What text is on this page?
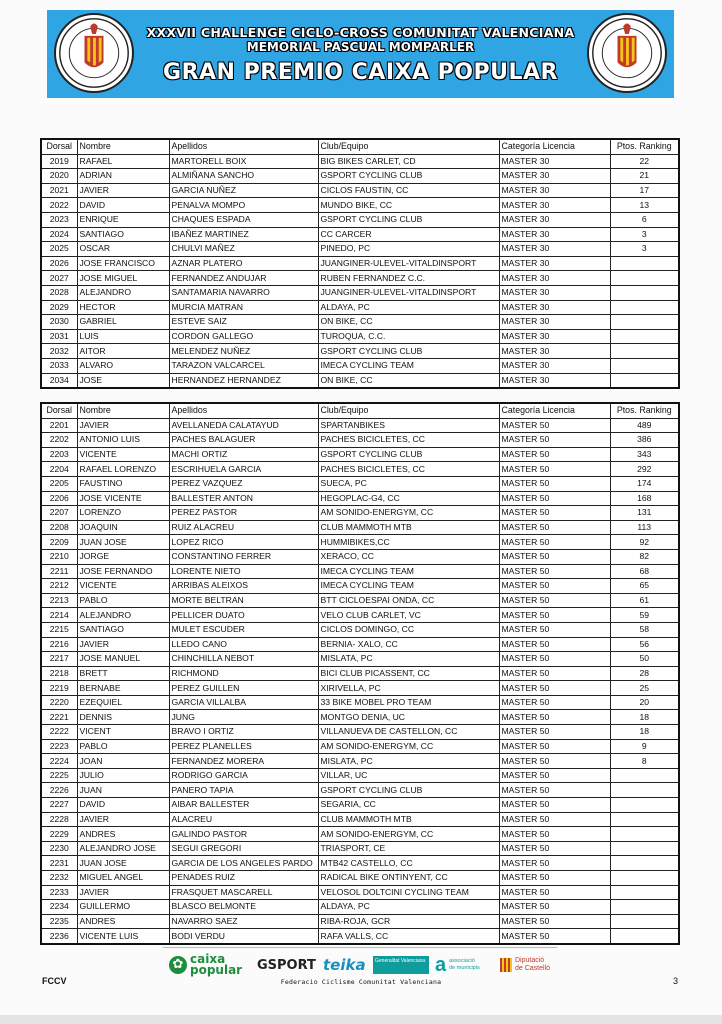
XXXVII CHALLENGE CICLO-CROSS COMUNITAT VALENCIANA
MEMORIAL PASCUAL MOMPARLER
GRAN PREMIO CAIXA POPULAR
Dorsal	Nombre	Apellidos	Club/Equipo	Categoría Licencia	Ptos. Ranking
2019	RAFAEL	MARTORELL BOIX	BIG BIKES CARLET, CD	MASTER 30	22
2020	ADRIAN	ALMIÑANA SANCHO	GSPORT CYCLING CLUB	MASTER 30	21
2021	JAVIER	GARCIA NUÑEZ	CICLOS FAUSTIN, CC	MASTER 30	17
2022	DAVID	PENALVA MOMPO	MUNDO BIKE, CC	MASTER 30	13
2023	ENRIQUE	CHAQUES ESPADA	GSPORT CYCLING CLUB	MASTER 30	6
2024	SANTIAGO	IBAÑEZ MARTINEZ	CC CARCER	MASTER 30	3
2025	OSCAR	CHULVI MAÑEZ	PINEDO, PC	MASTER 30	3
2026	JOSE FRANCISCO	AZNAR PLATERO	JUANGINER-ULEVEL-VITALDINSPORT	MASTER 30	
2027	JOSE MIGUEL	FERNANDEZ ANDUJAR	RUBEN FERNANDEZ C.C.	MASTER 30	
2028	ALEJANDRO	SANTAMARIA NAVARRO	JUANGINER-ULEVEL-VITALDINSPORT	MASTER 30	
2029	HECTOR	MURCIA MATRAN	ALDAYA, PC	MASTER 30	
2030	GABRIEL	ESTEVE SAIZ	ON BIKE, CC	MASTER 30	
2031	LUIS	CORDON GALLEGO	TUROQUA, C.C.	MASTER 30	
2032	AITOR	MELENDEZ NUÑEZ	GSPORT CYCLING CLUB	MASTER 30	
2033	ALVARO	TARAZON VALCARCEL	IMECA CYCLING TEAM	MASTER 30	
2034	JOSE	HERNANDEZ HERNANDEZ	ON BIKE, CC	MASTER 30	
Dorsal	Nombre	Apellidos	Club/Equipo	Categoría Licencia	Ptos. Ranking
2201	JAVIER	AVELLANEDA CALATAYUD	SPARTANBIKES	MASTER 50	489
2202	ANTONIO LUIS	PACHES BALAGUER	PACHES BICICLETES, CC	MASTER 50	386
2203	VICENTE	MACHI ORTIZ	GSPORT CYCLING CLUB	MASTER 50	343
2204	RAFAEL LORENZO	ESCRIHUELA GARCIA	PACHES BICICLETES, CC	MASTER 50	292
2205	FAUSTINO	PEREZ VAZQUEZ	SUECA, PC	MASTER 50	174
2206	JOSE VICENTE	BALLESTER ANTON	HEGOPLAC-G4, CC	MASTER 50	168
2207	LORENZO	PEREZ PASTOR	AM SONIDO-ENERGYM, CC	MASTER 50	131
2208	JOAQUIN	RUIZ ALACREU	CLUB MAMMOTH MTB	MASTER 50	113
2209	JUAN JOSE	LOPEZ RICO	HUMMIBIKES,CC	MASTER 50	92
2210	JORGE	CONSTANTINO FERRER	XERACO, CC	MASTER 50	82
2211	JOSE FERNANDO	LORENTE NIETO	IMECA CYCLING TEAM	MASTER 50	68
2212	VICENTE	ARRIBAS ALEIXOS	IMECA CYCLING TEAM	MASTER 50	65
2213	PABLO	MORTE BELTRAN	BTT CICLOESPAI ONDA, CC	MASTER 50	61
2214	ALEJANDRO	PELLICER DUATO	VELO CLUB CARLET, VC	MASTER 50	59
2215	SANTIAGO	MULET ESCUDER	CICLOS DOMINGO, CC	MASTER 50	58
2216	JAVIER	LLEDO CANO	BERNIA- XALO, CC	MASTER 50	56
2217	JOSE MANUEL	CHINCHILLA NEBOT	MISLATA, PC	MASTER 50	50
2218	BRETT	RICHMOND	BICI CLUB PICASSENT, CC	MASTER 50	28
2219	BERNABE	PEREZ GUILLEN	XIRIVELLA, PC	MASTER 50	25
2220	EZEQUIEL	GARCIA VILLALBA	33 BIKE MOBEL PRO TEAM	MASTER 50	20
2221	DENNIS	JUNG	MONTGO DENIA, UC	MASTER 50	18
2222	VICENT	BRAVO I ORTIZ	VILLANUEVA DE CASTELLON, CC	MASTER 50	18
2223	PABLO	PEREZ PLANELLES	AM SONIDO-ENERGYM, CC	MASTER 50	9
2224	JOAN	FERNANDEZ MORERA	MISLATA, PC	MASTER 50	8
2225	JULIO	RODRIGO GARCIA	VILLAR, UC	MASTER 50	
2226	JUAN	PANERO TAPIA	GSPORT CYCLING CLUB	MASTER 50	
2227	DAVID	AIBAR BALLESTER	SEGARIA, CC	MASTER 50	
2228	JAVIER	ALACREU	CLUB MAMMOTH MTB	MASTER 50	
2229	ANDRES	GALINDO PASTOR	AM SONIDO-ENERGYM, CC	MASTER 50	
2230	ALEJANDRO JOSE	SEGUI GREGORI	TRIASPORT, CE	MASTER 50	
2231	JUAN JOSE	GARCIA DE LOS ANGELES PARDO	MTB42 CASTELLO, CC	MASTER 50	
2232	MIGUEL ANGEL	PENADES RUIZ	RADICAL BIKE ONTINYENT, CC	MASTER 50	
2233	JAVIER	FRASQUET MASCARELL	VELOSOL DOLTCINI CYCLING TEAM	MASTER 50	
2234	GUILLERMO	BLASCO BELMONTE	ALDAYA, PC	MASTER 50	
2235	ANDRES	NAVARRO SAEZ	RIBA-ROJA, GCR	MASTER 50	
2236	VICENTE LUIS	BODI VERDU	RAFA VALLS, CC	MASTER 50	
✿ caixa
popular GSPORT teika	Generalitat Valenciana a associació
de municipis
Diputació
de Castelló
FCCV	Federacio Ciclisme Comunitat Valenciana	3
